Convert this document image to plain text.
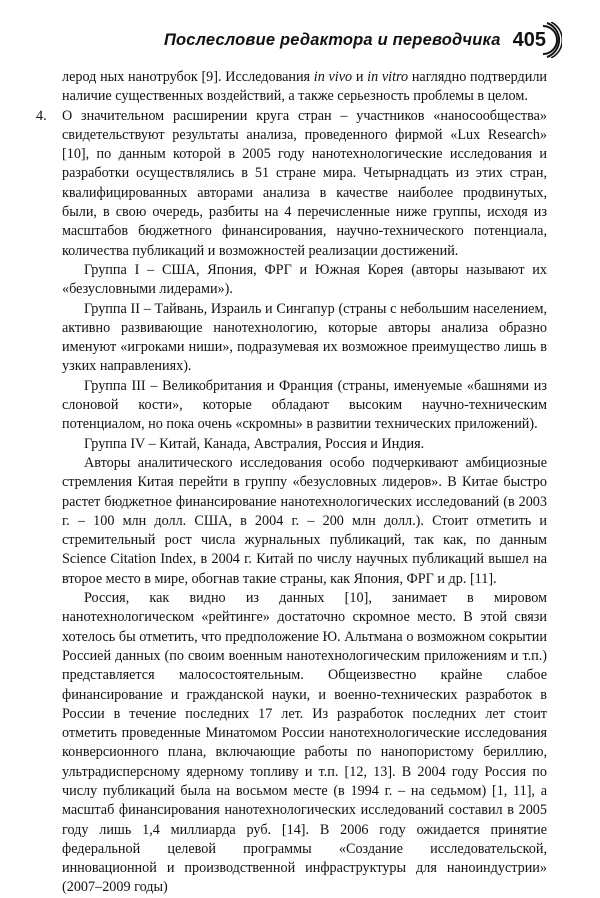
Послесловие редактора и переводчика 405

лерод ных нанотрубок [9]. Исследования in vivo и in vitro наглядно подтвердили наличие существенных воздействий, а также серьезность проблемы в целом.

4. О значительном расширении круга стран – участников «наносообщества» свидетельствуют результаты анализа, проведенного фирмой «Lux Research» [10], по данным которой в 2005 году нанотехнологические исследования и разработки осуществлялись в 51 стране мира. Четырнадцать из этих стран, квалифицированных авторами анализа в качестве наиболее продвинутых, были, в свою очередь, разбиты на 4 перечисленные ниже группы, исходя из масштабов бюджетного финансирования, научно-технического потенциала, количества публикаций и возможностей реализации достижений.

Группа I – США, Япония, ФРГ и Южная Корея (авторы называют их «безусловными лидерами»).

Группа II – Тайвань, Израиль и Сингапур (страны с небольшим населением, активно развивающие нанотехнологию, которые авторы анализа образно именуют «игроками ниши», подразумевая их возможное преимущество лишь в узких направлениях).

Группа III – Великобритания и Франция (страны, именуемые «башнями из слоновой кости», которые обладают высоким научно-техническим потенциалом, но пока очень «скромны» в развитии технических приложений).

Группа IV – Китай, Канада, Австралия, Россия и Индия.

Авторы аналитического исследования особо подчеркивают амбициозные стремления Китая перейти в группу «безусловных лидеров». В Китае быстро растет бюджетное финансирование нанотехнологических исследований (в 2003 г. – 100 млн долл. США, в 2004 г. – 200 млн долл.). Стоит отметить и стремительный рост числа журнальных публикаций, так как, по данным Science Citation Index, в 2004 г. Китай по числу научных публикаций вышел на второе место в мире, обогнав такие страны, как Япония, ФРГ и др. [11].

Россия, как видно из данных [10], занимает в мировом нанотехнологическом «рейтинге» достаточно скромное место. В этой связи хотелось бы отметить, что предположение Ю. Альтмана о возможном сокрытии Россией данных (по своим военным нанотехнологическим приложениям и т.п.) представляется малосостоятельным. Общеизвестно крайне слабое финансирование и гражданской науки, и военно-технических разработок в России в течение последних 17 лет. Из разработок последних лет стоит отметить проведенные Минатомом России нанотехнологические исследования конверсионного плана, включающие работы по нанопористому бериллию, ультрадисперсному ядерному топливу и т.п. [12, 13]. В 2004 году Россия по числу публикаций была на восьмом месте (в 1994 г. – на седьмом) [1, 11], а масштаб финансирования нанотехнологических исследований составил в 2005 году лишь 1,4 миллиарда руб. [14]. В 2006 году ожидается принятие федеральной целевой программы «Создание исследовательской, инновационной и производственной инфраструктуры для наноиндустрии» (2007–2009 годы)
